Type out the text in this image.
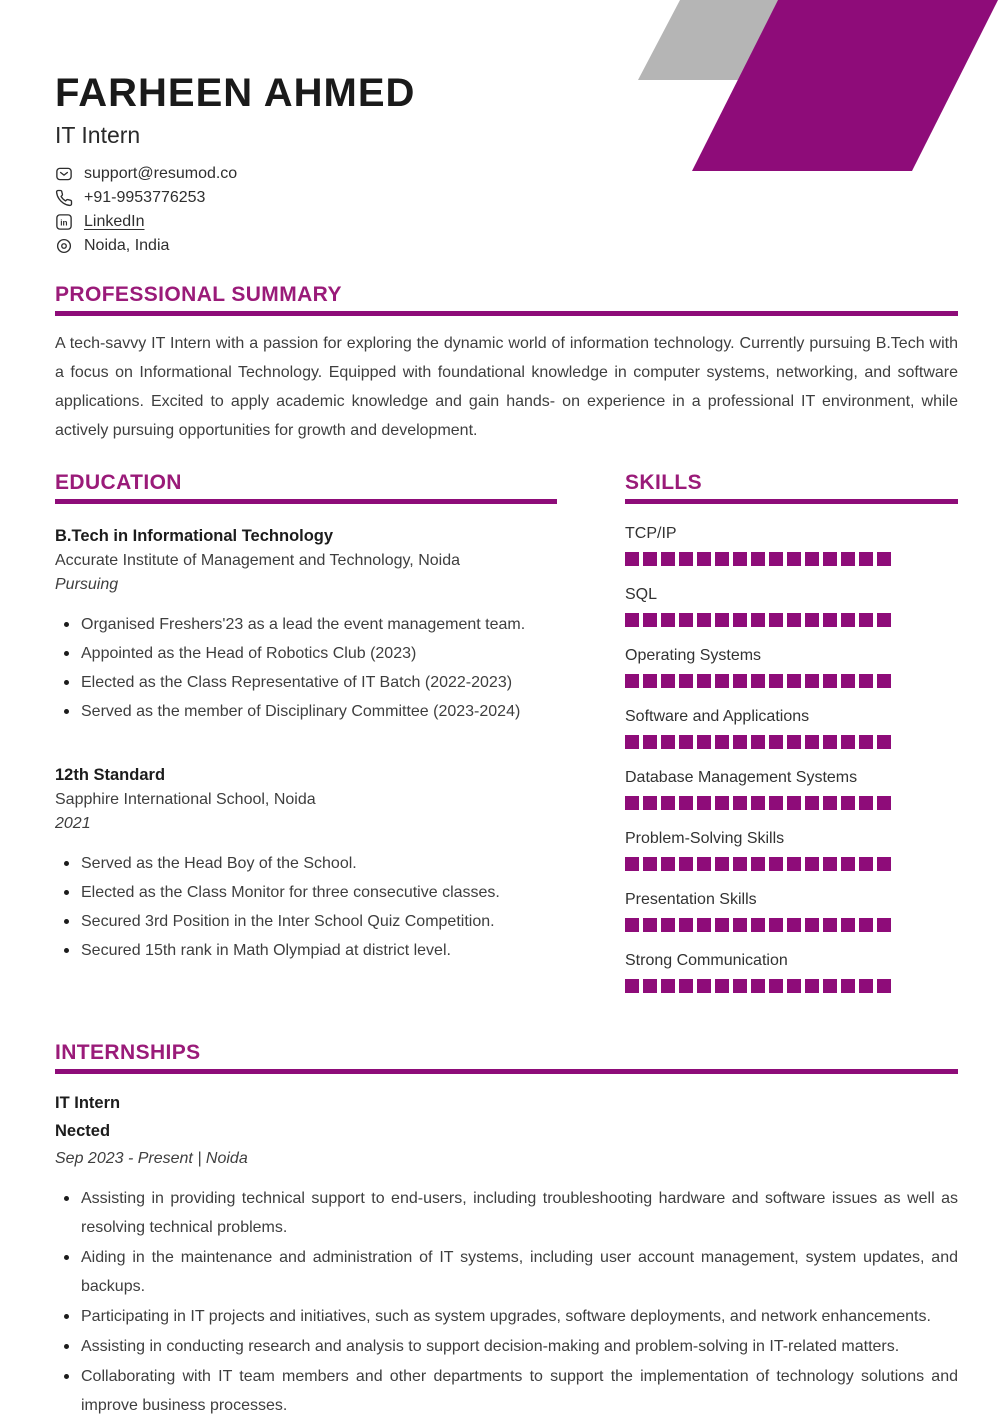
FARHEEN AHMED
IT Intern
support@resumod.co
+91-9953776253
in LinkedIn
Noida, India
PROFESSIONAL SUMMARY

A tech-savvy IT Intern with a passion for exploring the dynamic world of information technology. Currently pursuing B.Tech with a focus on Informational Technology. Equipped with foundational knowledge in computer systems, networking, and software applications. Excited to apply academic knowledge and gain hands- on experience in a professional IT environment, while actively pursuing opportunities for growth and development.

EDUCATION
B.Tech in Informational Technology
Accurate Institute of Management and Technology, Noida
Pursuing
Organised Freshers'23 as a lead the event management team.
Appointed as the Head of Robotics Club (2023)
Elected as the Class Representative of IT Batch (2022-2023)
Served as the member of Disciplinary Committee (2023-2024)
12th Standard
Sapphire International School, Noida
2021
Served as the Head Boy of the School.
Elected as the Class Monitor for three consecutive classes.
Secured 3rd Position in the Inter School Quiz Competition.
Secured 15th rank in Math Olympiad at district level.
SKILLS
TCP/IP
SQL
Operating Systems
Software and Applications
Database Management Systems
Problem-Solving Skills
Presentation Skills
Strong Communication
INTERNSHIPS
IT Intern
Nected
Sep 2023 - Present | Noida
Assisting in providing technical support to end-users, including troubleshooting hardware and software issues as well as resolving technical problems.
Aiding in the maintenance and administration of IT systems, including user account management, system updates, and backups.
Participating in IT projects and initiatives, such as system upgrades, software deployments, and network enhancements.
Assisting in conducting research and analysis to support decision-making and problem-solving in IT-related matters.
Collaborating with IT team members and other departments to support the implementation of technology solutions and improve business processes.
